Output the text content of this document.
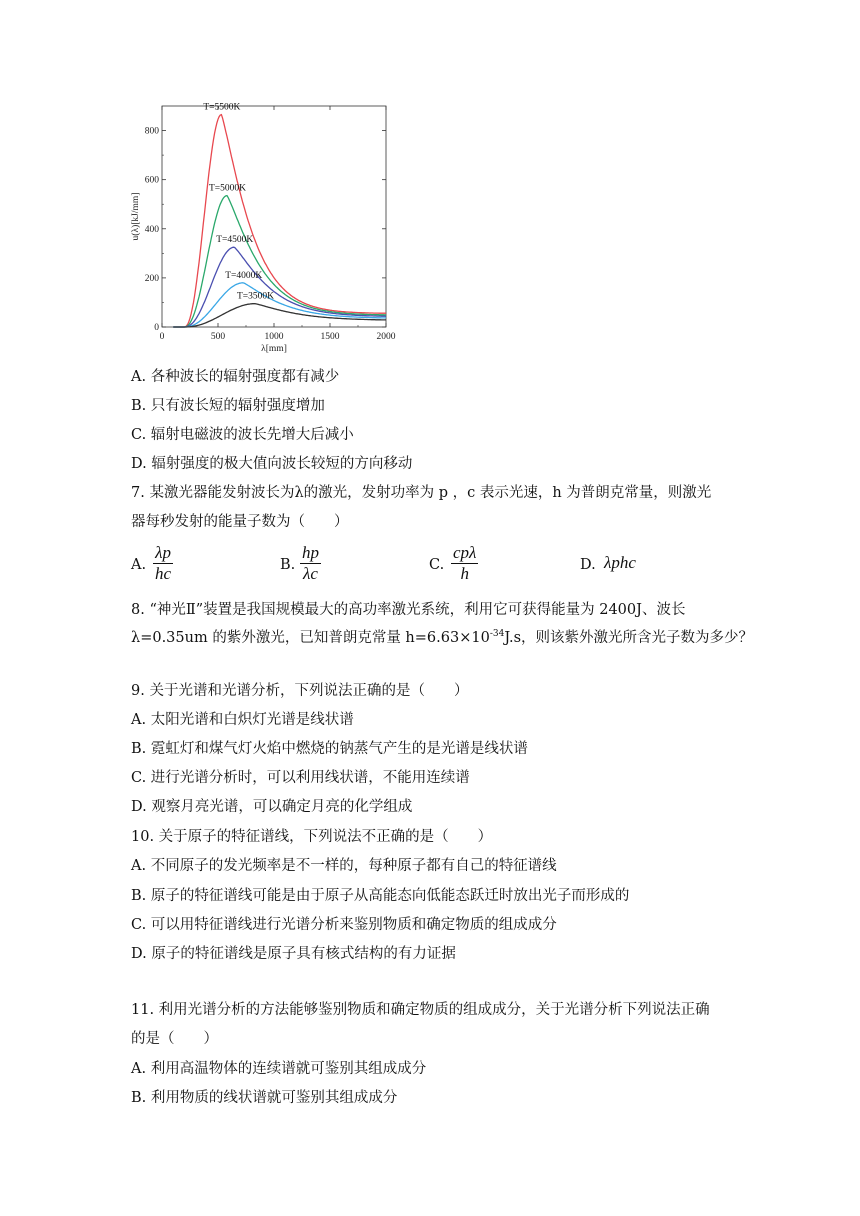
0	500	1000	1500	2000
0
200
400
600
800
λ[mm]
u(λ)[kJ/mm]
T=5500K
T=5000K
T=4500K
T=4000K
T=3500K
A. 各种波长的辐射强度都有减少
B. 只有波长短的辐射强度增加
C. 辐射电磁波的波长先增大后减小
D. 辐射强度的极大值向波长较短的方向移动
7. 某激光器能发射波长为λ的激光，发射功率为 p ，c 表示光速，h 为普朗克常量，则激光
器每秒发射的能量子数为（　　）
A. $\frac{\lambda p}{hc}$	B. $\frac{hp}{\lambda c}$	C.
cpλ
h	D. λphc
8. “神光Ⅱ”装置是我国规模最大的高功率激光系统，利用它可获得能量为 2400J、波长
λ=0.35um 的紫外激光，已知普朗克常量 $h=6.63\times 10^{-34}J.s$，则该紫外激光所含光子数为多少？
9. 关于光谱和光谱分析，下列说法正确的是（　　）
A. 太阳光谱和白炽灯光谱是线状谱
B. 霓虹灯和煤气灯火焰中燃烧的钠蒸气产生的是光谱是线状谱
C. 进行光谱分析时，可以利用线状谱，不能用连续谱
D. 观察月亮光谱，可以确定月亮的化学组成
10. 关于原子的特征谱线，下列说法不正确的是（　　）
A. 不同原子的发光频率是不一样的，每种原子都有自己的特征谱线
B. 原子的特征谱线可能是由于原子从高能态向低能态跃迁时放出光子而形成的
C. 可以用特征谱线进行光谱分析来鉴别物质和确定物质的组成成分
D. 原子的特征谱线是原子具有核式结构的有力证据
11. 利用光谱分析的方法能够鉴别物质和确定物质的组成成分，关于光谱分析下列说法正确
的是（　　）
A. 利用高温物体的连续谱就可鉴别其组成成分
B. 利用物质的线状谱就可鉴别其组成成分
